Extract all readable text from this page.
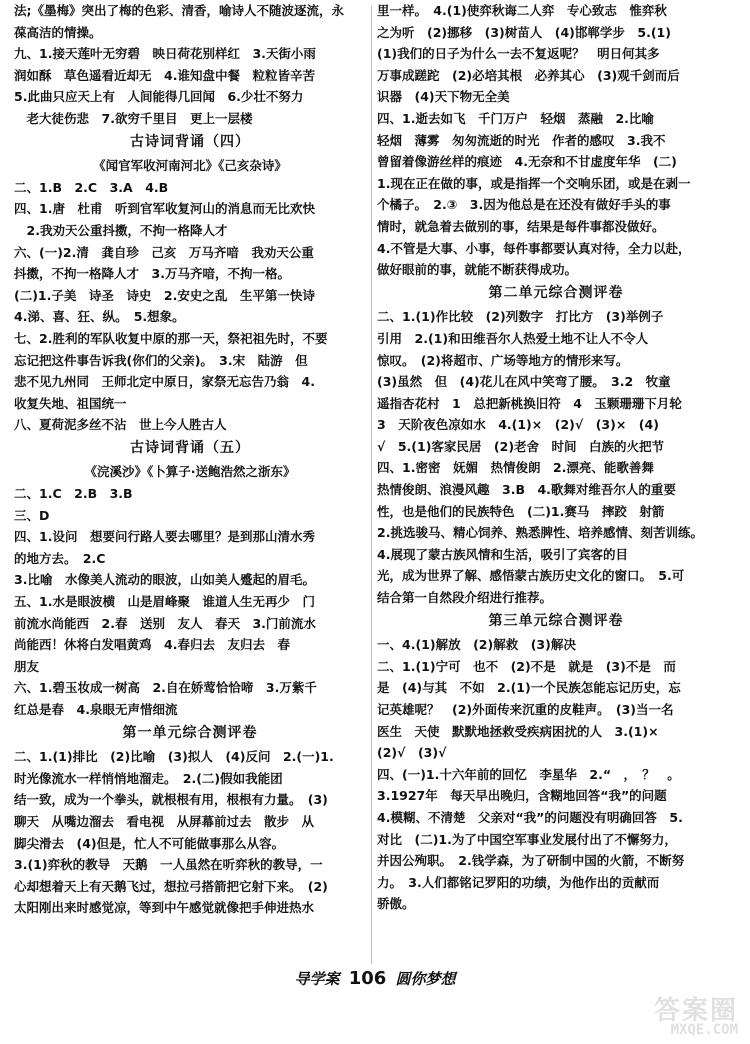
法;《墨梅》突出了梅的色彩、清香，喻诗人不随波逐流，永
葆高洁的情操。
九、1.接天莲叶无穷碧　映日荷花别样红　3.天街小雨
润如酥　草色遥看近却无　4.谁知盘中餐　粒粒皆辛苦
5.此曲只应天上有　人间能得几回闻　6.少壮不努力
　老大徒伤悲　7.欲穷千里目　更上一层楼
古诗词背诵（四）
《闻官军收河南河北》《己亥杂诗》
二、1.B　2.C　3.A　4.B
四、1.唐　杜甫　听到官军收复河山的消息而无比欢快
　2.我劝天公重抖擞，不拘一格降人才
六、(一)2.清　龚自珍　己亥　万马齐喑　我劝天公重
抖擞，不拘一格降人才　3.万马齐喑，不拘一格。
(二)1.子美　诗圣　诗史　2.安史之乱　生平第一快诗
4.涕、喜、狂、纵。　5.想象。
七、2.胜利的军队收复中原的那一天，祭祀祖先时，不要
忘记把这件事告诉我(你们的父亲)。　3.宋　陆游　但
悲不见九州同　王师北定中原日，家祭无忘告乃翁　4.
收复失地、祖国统一
八、夏荷泥多丝不沾　世上今人胜古人
古诗词背诵（五）
《浣溪沙》《卜算子·送鲍浩然之浙东》
二、1.C　2.B　3.B
三、D
四、1.设问　想要问行路人要去哪里？是到那山清水秀
的地方去。　2.C
3.比喻　水像美人流动的眼波，山如美人蹙起的眉毛。
五、1.水是眼波横　山是眉峰聚　谁道人生无再少　门
前流水尚能西　2.春　送别　友人　春天　3.门前流水
尚能西！休将白发唱黄鸡　4.春归去　友归去　春
朋友
六、1.碧玉妆成一树高　2.自在娇莺恰恰啼　3.万紫千
红总是春　4.泉眼无声惜细流
第一单元综合测评卷
二、1.(1)排比　(2)比喻　(3)拟人　(4)反问　2.(一)1.
时光像流水一样悄悄地溜走。　2.(二)假如我能团
结一致，成为一个拳头，就根根有用，根根有力量。　(3)
聊天　从嘴边溜去　看电视　从屏幕前过去　散步　从
脚尖滑去　(4)但是，忙人不可能做事那么从容。
3.(1)弈秋的教导　天鹅　一人虽然在听弈秋的教导，一
心却想着天上有天鹅飞过，想拉弓搭箭把它射下来。　(2)
太阳刚出来时感觉凉，等到中午感觉就像把手伸进热水
里一样。　4.(1)使弈秋诲二人弈　专心致志　惟弈秋
之为听　(2)挪移　(3)树苗人　(4)邯郸学步　5.(1)
(1)我们的日子为什么一去不复返呢？　明日何其多
万事成蹉跎　(2)必培其根　必养其心　(3)观千剑而后
识器　(4)天下物无全美
四、1.逝去如飞　千门万户　轻烟　蒸融　2.比喻
轻烟　薄雾　匆匆流逝的时光　作者的感叹　3.我不
曾留着像游丝样的痕迹　4.无奈和不甘虚度年华　(二)
1.现在正在做的事，或是指挥一个交响乐团，或是在剥一
个橘子。　2.③　3.因为他总是在还没有做好手头的事
情时，就急着去做别的事，结果是每件事都没做好。
4.不管是大事、小事，每件事都要认真对待，全力以赴，
做好眼前的事，就能不断获得成功。
第二单元综合测评卷
二、1.(1)作比较　(2)列数字　打比方　(3)举例子
引用　2.(1)和田维吾尔人热爱土地不让人不令人
惊叹。　(2)将超市、广场等地方的情形来写。
(3)虽然　但　(4)花儿在风中笑弯了腰。　3.2　牧童
遥指杏花村　1　总把新桃换旧符　4　玉颗珊珊下月轮
3　天阶夜色凉如水　4.(1)×　(2)√　(3)×　(4)
√　5.(1)客家民居　(2)老舍　时间　白族的火把节
四、1.密密　妩媚　热情俊朗　2.漂亮、能歌善舞
热情俊朗、浪漫风趣　3.B　4.歌舞对维吾尔人的重要
性，也是他们的民族特色　(二)1.赛马　摔跤　射箭
2.挑选骏马、精心饲养、熟悉脾性、培养感情、刻苦训练。
4.展现了蒙古族风情和生活，吸引了宾客的目
光，成为世界了解、感悟蒙古族历史文化的窗口。　5.可
结合第一自然段介绍进行推荐。
第三单元综合测评卷
一、4.(1)解放　(2)解救　(3)解决
二、1.(1)宁可　也不　(2)不是　就是　(3)不是　而
是　(4)与其　不如　2.(1)一个民族怎能忘记历史，忘
记英雄呢？　(2)外面传来沉重的皮鞋声。　(3)当一名
医生　天使　默默地拯救受疾病困扰的人　3.(1)×
(2)√　(3)√
四、(一)1.十六年前的回忆　李星华　2.“　，　？　。
3.1927年　每天早出晚归，含糊地回答“我”的问题
4.模糊、不清楚　父亲对“我”的问题没有明确回答　5.
对比　(二)1.为了中国空军事业发展付出了不懈努力，
并因公殉职。　2.钱学森，为了研制中国的火箭，不断努
力。　3.人们都铭记罗阳的功绩，为他作出的贡献而
骄傲。
导学案 106 圆你梦想
答案圈
MXQE.COM
